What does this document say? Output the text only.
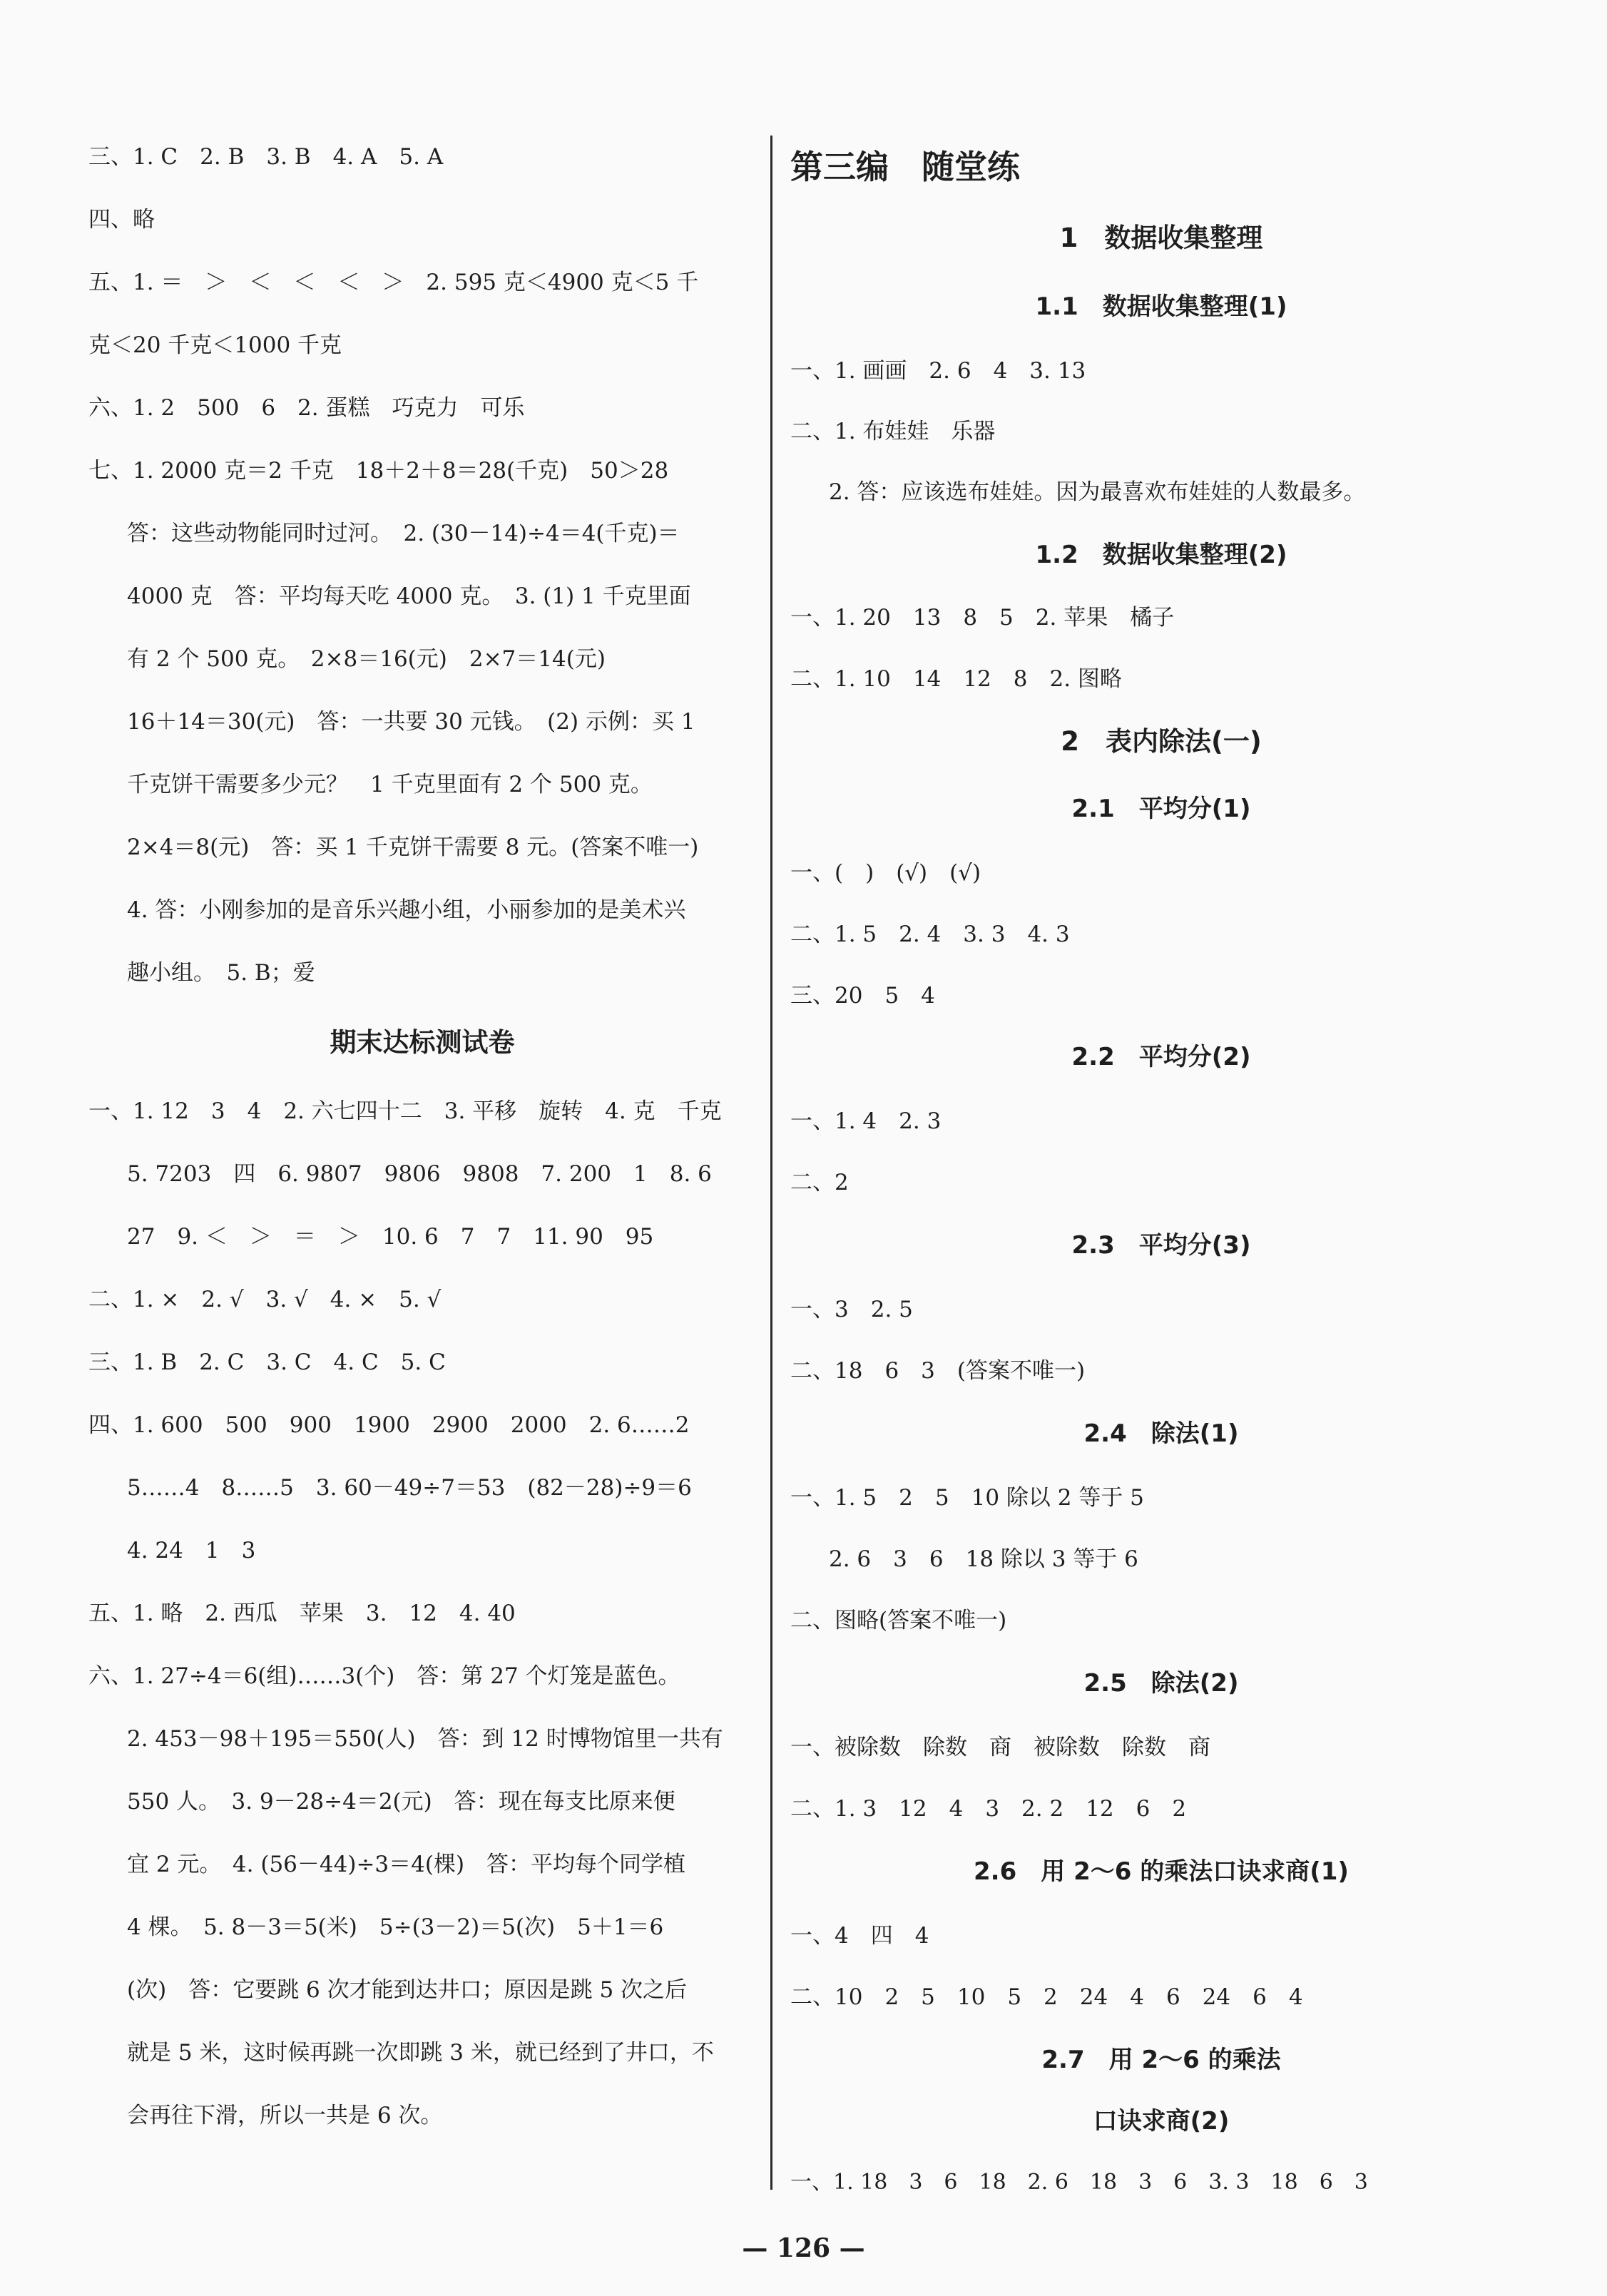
三、1. C　2. B　3. B　4. A　5. A
四、略
五、1. ＝　＞　＜　＜　＜　＞　2. 595 克＜4900 克＜5 千
克＜20 千克＜1000 千克
六、1. 2　500　6　2. 蛋糕　巧克力　可乐
七、1. 2000 克＝2 千克　18＋2＋8＝28(千克)　50＞28
答：这些动物能同时过河。　2. (30－14)÷4＝4(千克)＝
4000 克　答：平均每天吃 4000 克。　3. (1) 1 千克里面
有 2 个 500 克。　2×8＝16(元)　2×7＝14(元)
16＋14＝30(元)　答：一共要 30 元钱。　(2) 示例：买 1
千克饼干需要多少元？　1 千克里面有 2 个 500 克。
2×4＝8(元)　答：买 1 千克饼干需要 8 元。(答案不唯一)
4. 答：小刚参加的是音乐兴趣小组，小丽参加的是美术兴
趣小组。　5. B；爱
期末达标测试卷
一、1. 12　3　4　2. 六七四十二　3. 平移　旋转　4. 克　千克
5. 7203　四　6. 9807　9806　9808　7. 200　1　8. 6
27　9. ＜　＞　＝　＞　10. 6　7　7　11. 90　95
二、1. ×　2. √　3. √　4. ×　5. √
三、1. B　2. C　3. C　4. C　5. C
四、1. 600　500　900　1900　2900　2000　2. 6……2
5……4　8……5　3. 60－49÷7＝53　(82－28)÷9＝6
4. 24　1　3
五、1. 略　2. 西瓜　苹果　3.　12　4. 40
六、1. 27÷4＝6(组)……3(个)　答：第 27 个灯笼是蓝色。
2. 453－98＋195＝550(人)　答：到 12 时博物馆里一共有
550 人。　3. 9－28÷4＝2(元)　答：现在每支比原来便
宜 2 元。　4. (56－44)÷3＝4(棵)　答：平均每个同学植
4 棵。　5. 8－3＝5(米)　5÷(3－2)＝5(次)　5＋1＝6
(次)　答：它要跳 6 次才能到达井口；原因是跳 5 次之后
就是 5 米，这时候再跳一次即跳 3 米，就已经到了井口，不
会再往下滑，所以一共是 6 次。
第三编　随堂练
1　数据收集整理
1.1　数据收集整理(1)
一、1. 画画　2. 6　4　3. 13
二、1. 布娃娃　乐器
2. 答：应该选布娃娃。因为最喜欢布娃娃的人数最多。
1.2　数据收集整理(2)
一、1. 20　13　8　5　2. 苹果　橘子
二、1. 10　14　12　8　2. 图略
2　表内除法(一)
2.1　平均分(1)
一、(　)　(√)　(√)
二、1. 5　2. 4　3. 3　4. 3
三、20　5　4
2.2　平均分(2)
一、1. 4　2. 3
二、2
2.3　平均分(3)
一、3　2. 5
二、18　6　3　(答案不唯一)
2.4　除法(1)
一、1. 5　2　5　10 除以 2 等于 5
2. 6　3　6　18 除以 3 等于 6
二、图略(答案不唯一)
2.5　除法(2)
一、被除数　除数　商　被除数　除数　商
二、1. 3　12　4　3　2. 2　12　6　2
2.6　用 2～6 的乘法口诀求商(1)
一、4　四　4
二、10　2　5　10　5　2　24　4　6　24　6　4
2.7　用 2～6 的乘法
口诀求商(2)
一、1. 18　3　6　18　2. 6　18　3　6　3. 3　18　6　3
— 126 —
